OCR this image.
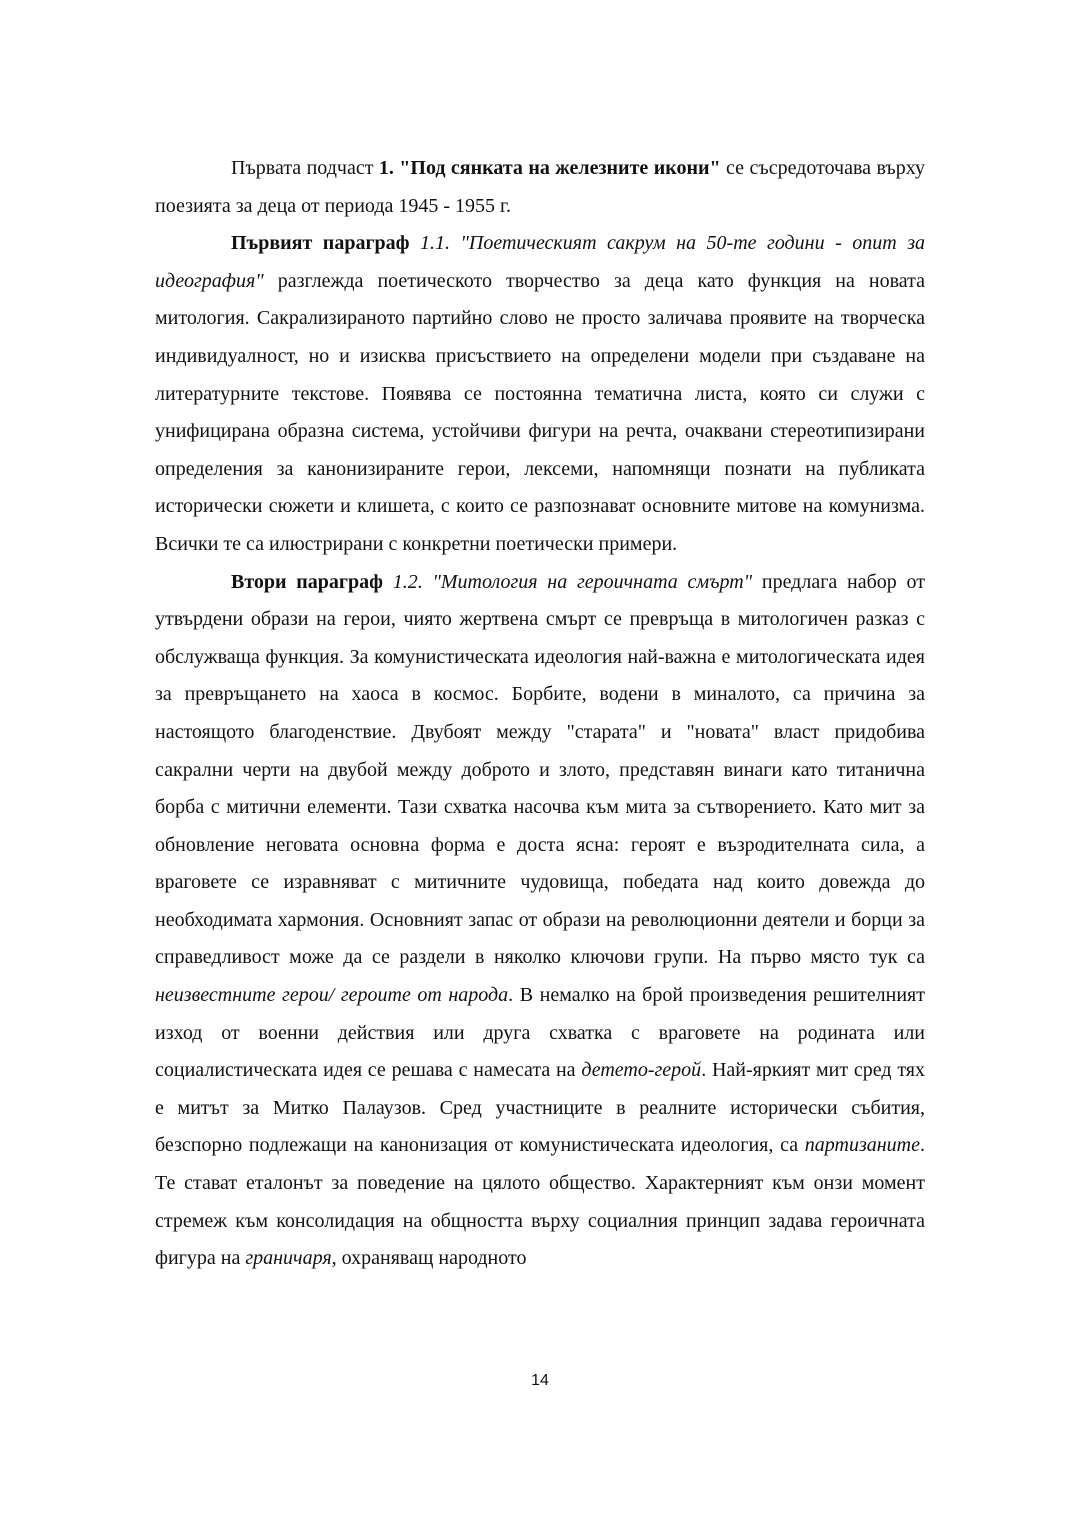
Първата подчаст 1. "Под сянката на железните икони" се съсредоточава върху поезията за деца от периода 1945 - 1955 г.

Първият параграф 1.1. "Поетическият сакрум на 50-те години - опит за идеография" разглежда поетическото творчество за деца като функция на новата митология. Сакрализираното партийно слово не просто заличава проявите на творческа индивидуалност, но и изисква присъствието на определени модели при създаване на литературните текстове. Появява се постоянна тематична листа, която си служи с унифицирана образна система, устойчиви фигури на речта, очаквани стереотипизирани определения за канонизираните герои, лексеми, напомнящи познати на публиката исторически сюжети и клишета, с които се разпознават основните митове на комунизма. Всички те са илюстрирани с конкретни поетически примери.

Втори параграф 1.2. "Митология на героичната смърт" предлага набор от утвърдени образи на герои, чиято жертвена смърт се превръща в митологичен разказ с обслужваща функция. За комунистическата идеология най-важна е митологическата идея за превръщането на хаоса в космос. Борбите, водени в миналото, са причина за настоящото благоденствие. Двубоят между "старата" и "новата" власт придобива сакрални черти на двубой между доброто и злото, представян винаги като титанична борба с митични елементи. Тази схватка насочва към мита за сътворението. Като мит за обновление неговата основна форма е доста ясна: героят е възродителната сила, а враговете се изравняват с митичните чудовища, победата над които довежда до необходимата хармония. Основният запас от образи на революционни деятели и борци за справедливост може да се раздели в няколко ключови групи. На първо място тук са неизвестните герои/ героите от народа. В немалко на брой произведения решителният изход от военни действия или друга схватка с враговете на родината или социалистическата идея се решава с намесата на детето-герой. Най-яркият мит сред тях е митът за Митко Палаузов. Сред участниците в реалните исторически събития, безспорно подлежащи на канонизация от комунистическата идеология, са партизаните. Те стават еталонът за поведение на цялото общество. Характерният към онзи момент стремеж към консолидация на общността върху социалния принцип задава героичната фигура на граничаря, охраняващ народното

14
